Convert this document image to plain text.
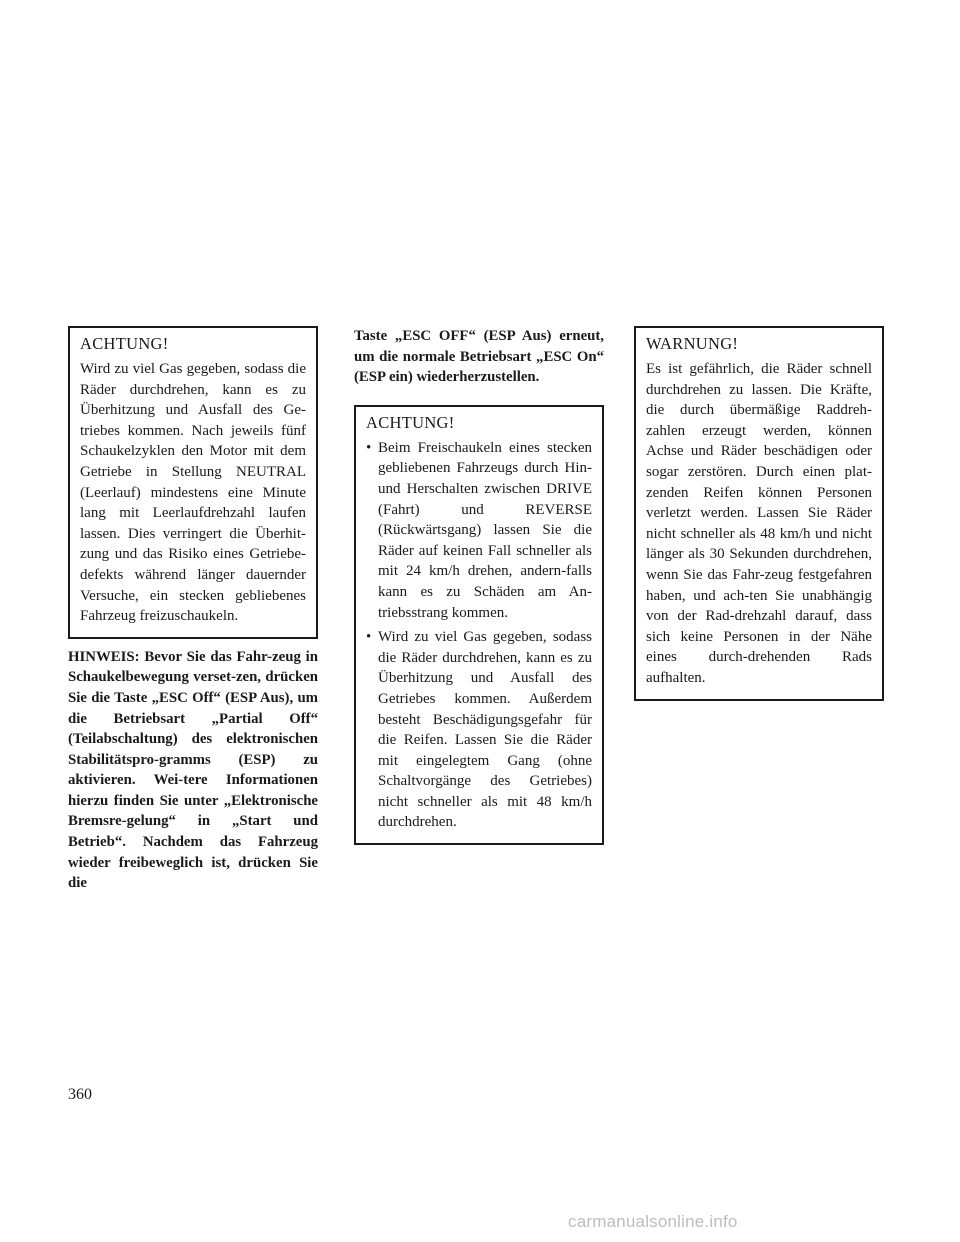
ACHTUNG!
Wird zu viel Gas gegeben, sodass die Räder durchdrehen, kann es zu Überhitzung und Ausfall des Ge-triebes kommen. Nach jeweils fünf Schaukelzyklen den Motor mit dem Getriebe in Stellung NEUTRAL (Leerlauf) mindestens eine Minute lang mit Leerlaufdrehzahl laufen lassen. Dies verringert die Überhit-zung und das Risiko eines Getriebe-defekts während länger dauernder Versuche, ein stecken gebliebenes Fahrzeug freizuschaukeln.
HINWEIS: Bevor Sie das Fahr-zeug in Schaukelbewegung verset-zen, drücken Sie die Taste „ESC Off“ (ESP Aus), um die Betriebsart „Partial Off“ (Teilabschaltung) des elektronischen Stabilitätspro-gramms (ESP) zu aktivieren. Wei-tere Informationen hierzu finden Sie unter „Elektronische Bremsre-gelung“ in „Start und Betrieb“. Nachdem das Fahrzeug wieder freibeweglich ist, drücken Sie die
Taste „ESC OFF“ (ESP Aus) erneut, um die normale Betriebsart „ESC On“ (ESP ein) wiederherzustellen.
ACHTUNG!
• Beim Freischaukeln eines stecken gebliebenen Fahrzeugs durch Hin- und Herschalten zwischen DRIVE (Fahrt) und REVERSE (Rückwärtsgang) lassen Sie die Räder auf keinen Fall schneller als mit 24 km/h drehen, andern-falls kann es zu Schäden am An-triebsstrang kommen.
• Wird zu viel Gas gegeben, sodass die Räder durchdrehen, kann es zu Überhitzung und Ausfall des Getriebes kommen. Außerdem besteht Beschädigungsgefahr für die Reifen. Lassen Sie die Räder mit eingelegtem Gang (ohne Schaltvorgänge des Getriebes) nicht schneller als mit 48 km/h durchdrehen.
WARNUNG!
Es ist gefährlich, die Räder schnell durchdrehen zu lassen. Die Kräfte, die durch übermäßige Raddreh-zahlen erzeugt werden, können Achse und Räder beschädigen oder sogar zerstören. Durch einen plat-zenden Reifen können Personen verletzt werden. Lassen Sie Räder nicht schneller als 48 km/h und nicht länger als 30 Sekunden durchdrehen, wenn Sie das Fahr-zeug festgefahren haben, und ach-ten Sie unabhängig von der Rad-drehzahl darauf, dass sich keine Personen in der Nähe eines durch-drehenden Rads aufhalten.
360
carmanualsonline.info
